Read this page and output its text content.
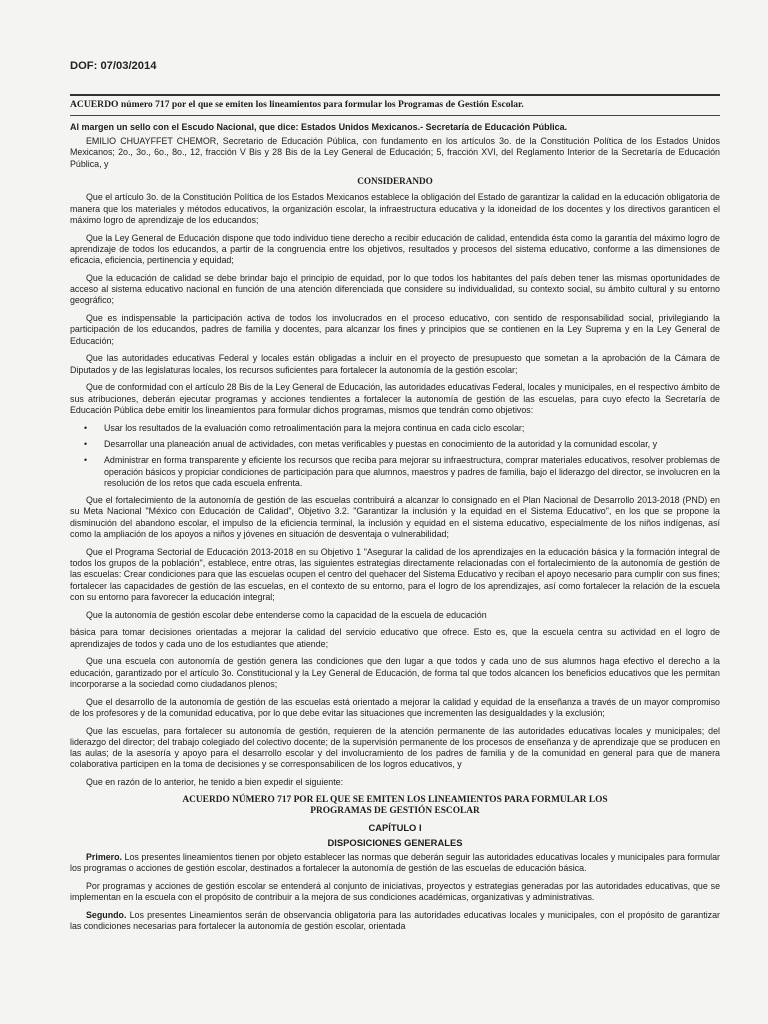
DOF: 07/03/2014
ACUERDO número 717 por el que se emiten los lineamientos para formular los Programas de Gestión Escolar.
Al margen un sello con el Escudo Nacional, que dice: Estados Unidos Mexicanos.- Secretaría de Educación Pública.

EMILIO CHUAYFFET CHEMOR, Secretario de Educación Pública, con fundamento en los artículos 3o. de la Constitución Política de los Estados Unidos Mexicanos; 2o., 3o., 6o., 8o., 12, fracción V Bis y 28 Bis de la Ley General de Educación; 5, fracción XVI, del Reglamento Interior de la Secretaría de Educación Pública, y

CONSIDERANDO

Que el artículo 3o. de la Constitución Política de los Estados Mexicanos establece la obligación del Estado de garantizar la calidad en la educación obligatoria de manera que los materiales y métodos educativos, la organización escolar, la infraestructura educativa y la idoneidad de los docentes y los directivos garanticen el máximo logro de aprendizaje de los educandos;

Que la Ley General de Educación dispone que todo individuo tiene derecho a recibir educación de calidad, entendida ésta como la garantía del máximo logro de aprendizaje de todos los educandos, a partir de la congruencia entre los objetivos, resultados y procesos del sistema educativo, conforme a las dimensiones de eficacia, eficiencia, pertinencia y equidad;

Que la educación de calidad se debe brindar bajo el principio de equidad, por lo que todos los habitantes del país deben tener las mismas oportunidades de acceso al sistema educativo nacional en función de una atención diferenciada que considere su individualidad, su contexto social, su ámbito cultural y su entorno geográfico;

Que es indispensable la participación activa de todos los involucrados en el proceso educativo, con sentido de responsabilidad social, privilegiando la participación de los educandos, padres de familia y docentes, para alcanzar los fines y principios que se contienen en la Ley Suprema y en la Ley General de Educación;

Que las autoridades educativas Federal y locales están obligadas a incluir en el proyecto de presupuesto que sometan a la aprobación de la Cámara de Diputados y de las legislaturas locales, los recursos suficientes para fortalecer la autonomía de la gestión escolar;

Que de conformidad con el artículo 28 Bis de la Ley General de Educación, las autoridades educativas Federal, locales y municipales, en el respectivo ámbito de sus atribuciones, deberán ejecutar programas y acciones tendientes a fortalecer la autonomía de gestión de las escuelas, para cuyo efecto la Secretaría de Educación Pública debe emitir los lineamientos para formular dichos programas, mismos que tendrán como objetivos:

• Usar los resultados de la evaluación como retroalimentación para la mejora continua en cada ciclo escolar;
• Desarrollar una planeación anual de actividades, con metas verificables y puestas en conocimiento de la autoridad y la comunidad escolar, y
• Administrar en forma transparente y eficiente los recursos que reciba para mejorar su infraestructura, comprar materiales educativos, resolver problemas de operación básicos y propiciar condiciones de participación para que alumnos, maestros y padres de familia, bajo el liderazgo del director, se involucren en la resolución de los retos que cada escuela enfrenta.

Que el fortalecimiento de la autonomía de gestión de las escuelas contribuirá a alcanzar lo consignado en el Plan Nacional de Desarrollo 2013-2018 (PND) en su Meta Nacional "México con Educación de Calidad", Objetivo 3.2. "Garantizar la inclusión y la equidad en el Sistema Educativo", en los que se propone la disminución del abandono escolar, el impulso de la eficiencia terminal, la inclusión y equidad en el sistema educativo, especialmente de los niños indígenas, así como la ampliación de los apoyos a niños y jóvenes en situación de desventaja o vulnerabilidad;

Que el Programa Sectorial de Educación 2013-2018 en su Objetivo 1 "Asegurar la calidad de los aprendizajes en la educación básica y la formación integral de todos los grupos de la población", establece, entre otras, las siguientes estrategias directamente relacionadas con el fortalecimiento de la autonomía de gestión de las escuelas: Crear condiciones para que las escuelas ocupen el centro del quehacer del Sistema Educativo y reciban el apoyo necesario para cumplir con sus fines; fortalecer las capacidades de gestión de las escuelas, en el contexto de su entorno, para el logro de los aprendizajes, así como fortalecer la relación de la escuela con su entorno para favorecer la educación integral;

Que la autonomía de gestión escolar debe entenderse como la capacidad de la escuela de educación

básica para tomar decisiones orientadas a mejorar la calidad del servicio educativo que ofrece. Esto es, que la escuela centra su actividad en el logro de aprendizajes de todos y cada uno de los estudiantes que atiende;

Que una escuela con autonomía de gestión genera las condiciones que den lugar a que todos y cada uno de sus alumnos haga efectivo el derecho a la educación, garantizado por el artículo 3o. Constitucional y la Ley General de Educación, de forma tal que todos alcancen los beneficios educativos que les permitan incorporarse a la sociedad como ciudadanos plenos;

Que el desarrollo de la autonomía de gestión de las escuelas está orientado a mejorar la calidad y equidad de la enseñanza a través de un mayor compromiso de los profesores y de la comunidad educativa, por lo que debe evitar las situaciones que incrementen las desigualdades y la exclusión;

Que las escuelas, para fortalecer su autonomía de gestión, requieren de la atención permanente de las autoridades educativas locales y municipales; del liderazgo del director; del trabajo colegiado del colectivo docente; de la supervisión permanente de los procesos de enseñanza y de aprendizaje que se producen en las aulas; de la asesoría y apoyo para el desarrollo escolar y del involucramiento de los padres de familia y de la comunidad en general para que de manera colaborativa participen en la toma de decisiones y se corresponsabilicen de los logros educativos, y

Que en razón de lo anterior, he tenido a bien expedir el siguiente:

ACUERDO NÚMERO 717 POR EL QUE SE EMITEN LOS LINEAMIENTOS PARA FORMULAR LOS
PROGRAMAS DE GESTIÓN ESCOLAR
CAPÍTULO I
DISPOSICIONES GENERALES

Primero. Los presentes lineamientos tienen por objeto establecer las normas que deberán seguir las autoridades educativas locales y municipales para formular los programas o acciones de gestión escolar, destinados a fortalecer la autonomía de gestión de las escuelas de educación básica.

Por programas y acciones de gestión escolar se entenderá al conjunto de iniciativas, proyectos y estrategias generadas por las autoridades educativas, que se implementan en la escuela con el propósito de contribuir a la mejora de sus condiciones académicas, organizativas y administrativas.

Segundo. Los presentes Lineamientos serán de observancia obligatoria para las autoridades educativas locales y municipales, con el propósito de garantizar las condiciones necesarias para fortalecer la autonomía de gestión escolar, orientada
